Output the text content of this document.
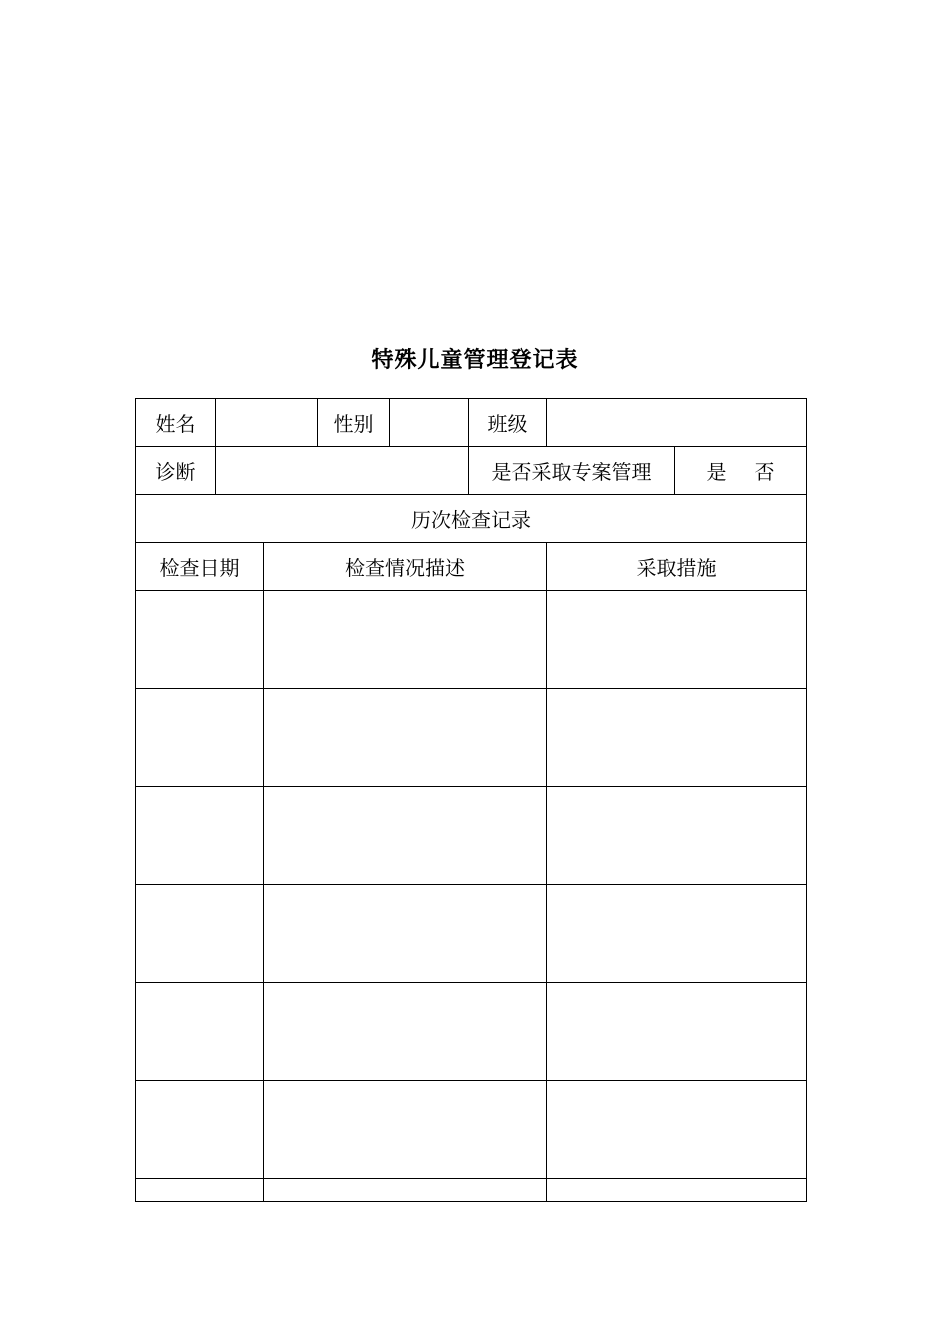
特殊儿童管理登记表
姓名			性别		班级		
诊断					是否采取专案管理		是 否
历次检查记录							
检查日期		检查情况描述				采取措施	
